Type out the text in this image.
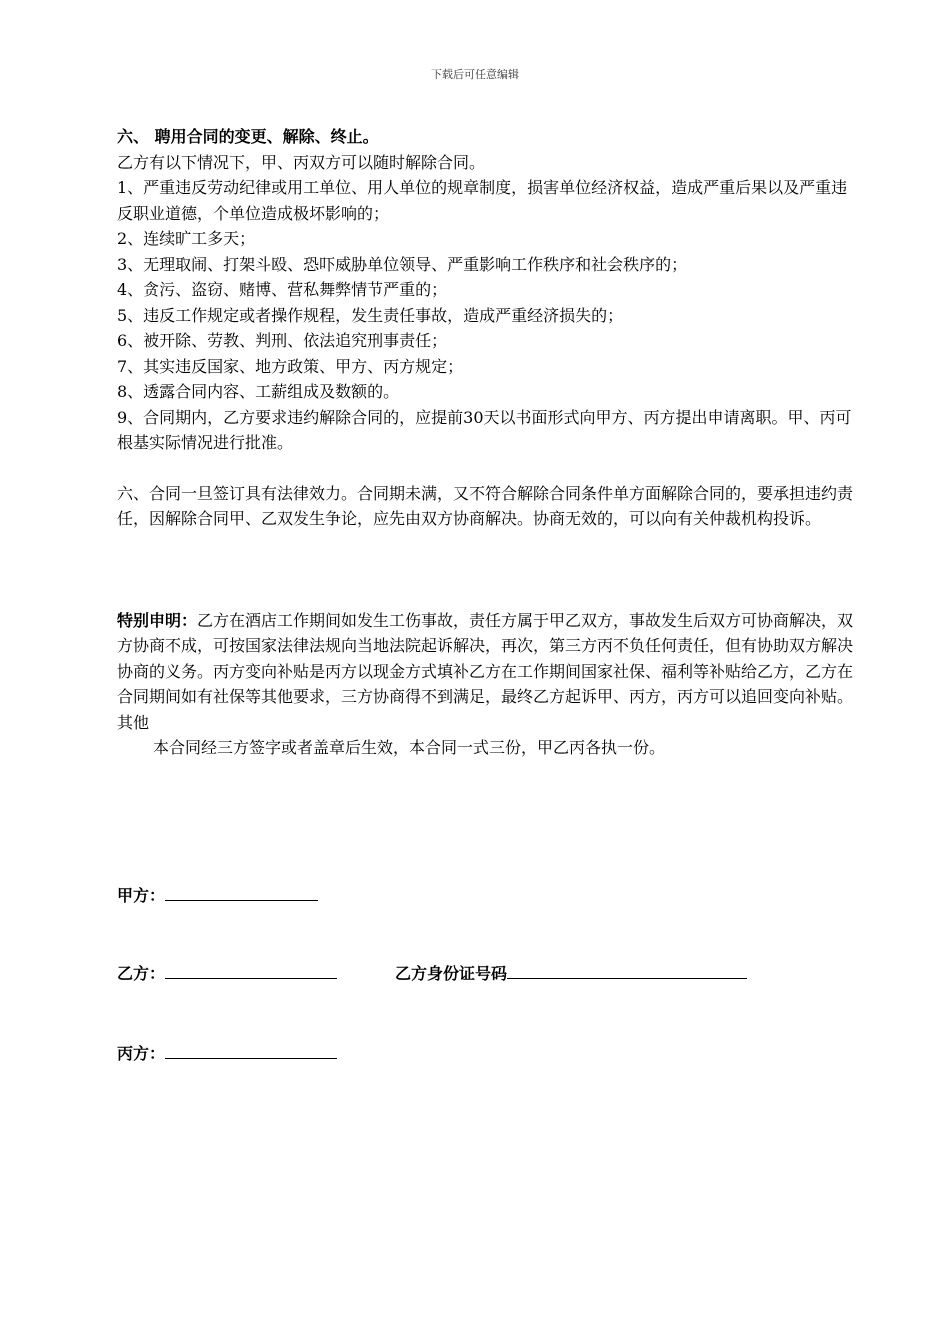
下载后可任意编辑

六、 聘用合同的变更、解除、终止。

乙方有以下情况下，甲、丙双方可以随时解除合同。

1、严重违反劳动纪律或用工单位、用人单位的规章制度，损害单位经济权益，造成严重后果以及严重违反职业道德，个单位造成极坏影响的；

2、连续旷工多天；

3、无理取闹、打架斗殴、恐吓威胁单位领导、严重影响工作秩序和社会秩序的；

4、贪污、盗窃、赌博、营私舞弊情节严重的；

5、违反工作规定或者操作规程，发生责任事故，造成严重经济损失的；

6、被开除、劳教、判刑、依法追究刑事责任；

7、其实违反国家、地方政策、甲方、丙方规定；

8、透露合同内容、工薪组成及数额的。

9、合同期内，乙方要求违约解除合同的，应提前30天以书面形式向甲方、丙方提出申请离职。甲、丙可根基实际情况进行批准。

六、合同一旦签订具有法律效力。合同期未满，又不符合解除合同条件单方面解除合同的，要承担违约责任，因解除合同甲、乙双发生争论，应先由双方协商解决。协商无效的，可以向有关仲裁机构投诉。

特别申明：乙方在酒店工作期间如发生工伤事故，责任方属于甲乙双方，事故发生后双方可协商解决，双方协商不成，可按国家法律法规向当地法院起诉解决，再次，第三方丙不负任何责任，但有协助双方解决协商的义务。丙方变向补贴是丙方以现金方式填补乙方在工作期间国家社保、福利等补贴给乙方，乙方在合同期间如有社保等其他要求，三方协商得不到满足，最终乙方起诉甲、丙方，丙方可以追回变向补贴。

其他

本合同经三方签字或者盖章后生效，本合同一式三份，甲乙丙各执一份。

甲方：
乙方：	乙方身份证号码
丙方：
